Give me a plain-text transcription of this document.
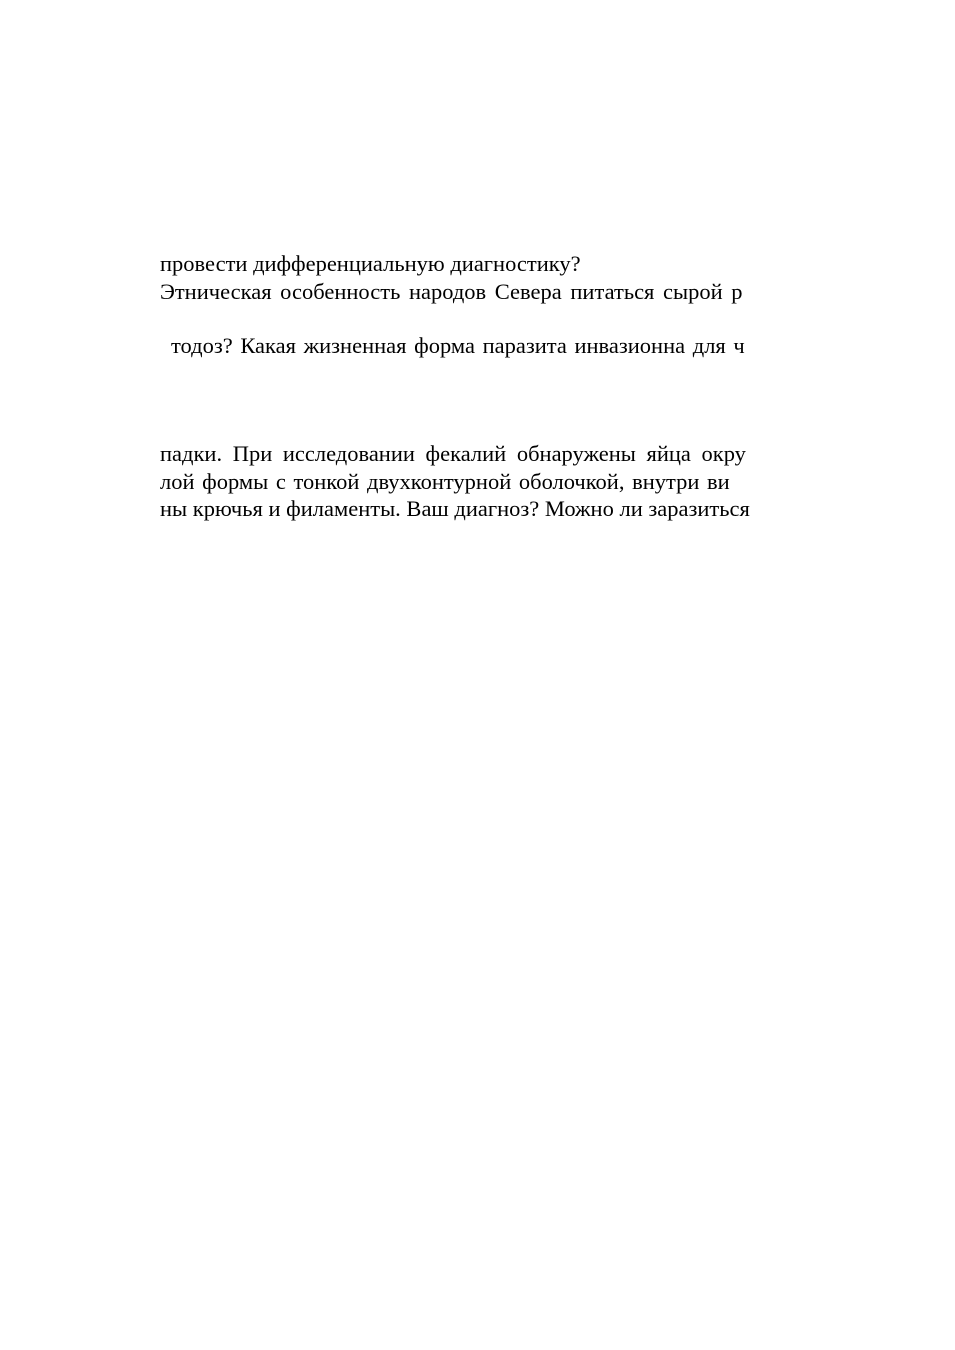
провести дифференциальную диагностику?
Этническая особенность народов Севера питаться сырой р
тодоз? Какая жизненная форма паразита инвазионна для ч
падки. При исследовании фекалий обнаружены яйца окру
лой формы с тонкой двухконтурной оболочкой, внутри ви
ны крючья и филаменты. Ваш диагноз? Можно ли заразиться
